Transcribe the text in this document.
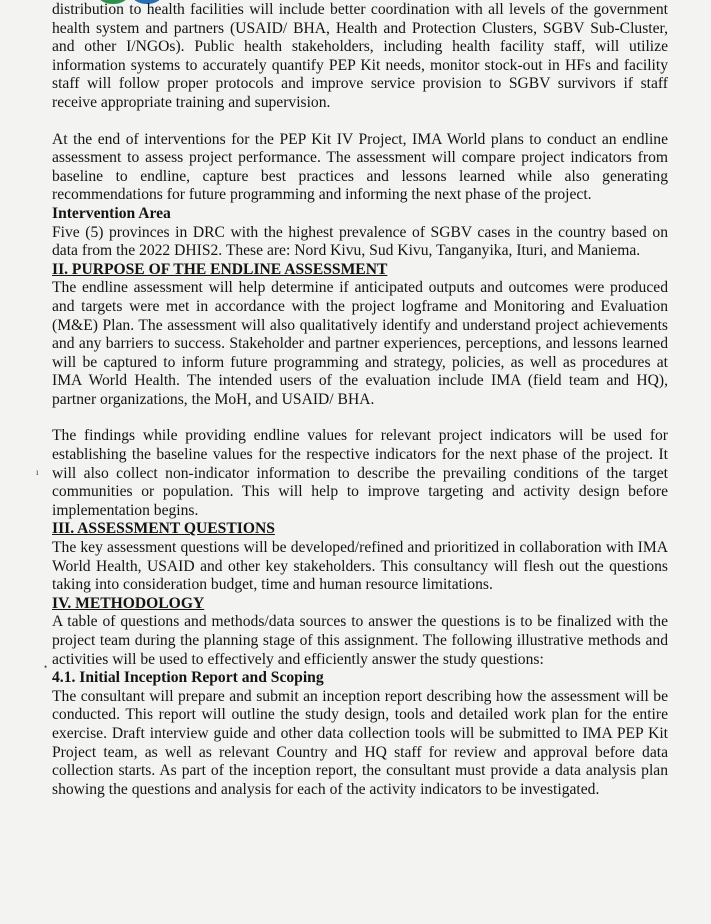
ı
•

distribution to health facilities will include better coordination with all levels of the government health system and partners (USAID/ BHA, Health and Protection Clusters, SGBV Sub-Cluster, and other I/NGOs). Public health stakeholders, including health facility staff, will utilize information systems to accurately quantify PEP Kit needs, monitor stock-out in HFs and facility staff will follow proper protocols and improve service provision to SGBV survivors if staff receive appropriate training and supervision.

At the end of interventions for the PEP Kit IV Project, IMA World plans to conduct an endline assessment to assess project performance. The assessment will compare project indicators from baseline to endline, capture best practices and lessons learned while also generating recommendations for future programming and informing the next phase of the project.

Intervention Area

Five (5) provinces in DRC with the highest prevalence of SGBV cases in the country based on data from the 2022 DHIS2. These are: Nord Kivu, Sud Kivu, Tanganyika, Ituri, and Maniema.

II. PURPOSE OF THE ENDLINE ASSESSMENT

The endline assessment will help determine if anticipated outputs and outcomes were produced and targets were met in accordance with the project logframe and Monitoring and Evaluation (M&E) Plan. The assessment will also qualitatively identify and understand project achievements and any barriers to success. Stakeholder and partner experiences, perceptions, and lessons learned will be captured to inform future programming and strategy, policies, as well as procedures at IMA World Health. The intended users of the evaluation include IMA (field team and HQ), partner organizations, the MoH, and USAID/ BHA.

The findings while providing endline values for relevant project indicators will be used for establishing the baseline values for the respective indicators for the next phase of the project. It will also collect non-indicator information to describe the prevailing conditions of the target communities or population. This will help to improve targeting and activity design before implementation begins.

III. ASSESSMENT QUESTIONS

The key assessment questions will be developed/refined and prioritized in collaboration with IMA World Health, USAID and other key stakeholders. This consultancy will flesh out the questions taking into consideration budget, time and human resource limitations.

IV. METHODOLOGY

A table of questions and methods/data sources to answer the questions is to be finalized with the project team during the planning stage of this assignment. The following illustrative methods and activities will be used to effectively and efficiently answer the study questions:

4.1. Initial Inception Report and Scoping

The consultant will prepare and submit an inception report describing how the assessment will be conducted. This report will outline the study design, tools and detailed work plan for the entire exercise. Draft interview guide and other data collection tools will be submitted to IMA PEP Kit Project team, as well as relevant Country and HQ staff for review and approval before data collection starts. As part of the inception report, the consultant must provide a data analysis plan showing the questions and analysis for each of the activity indicators to be investigated.
